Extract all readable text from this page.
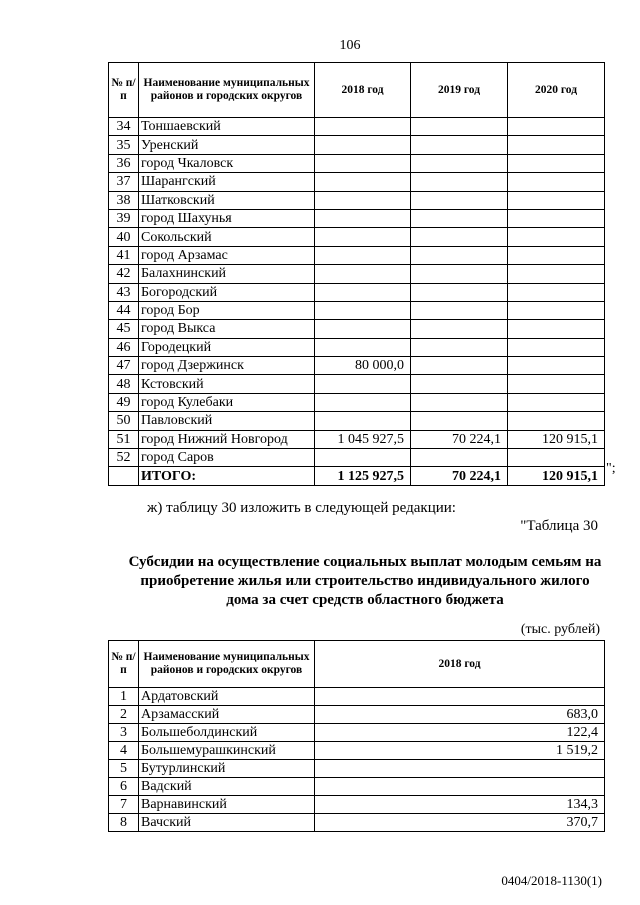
106
№ п/п	Наименование муниципальных районов и городских округов	2018 год	2019 год	2020 год
34	Тоншаевский			
35	Уренский			
36	город Чкаловск			
37	Шарангский			
38	Шатковский			
39	город Шахунья			
40	Сокольский			
41	город Арзамас			
42	Балахнинский			
43	Богородский			
44	город Бор			
45	город Выкса			
46	Городецкий			
47	город Дзержинск	80 000,0		
48	Кстовский			
49	город Кулебаки			
50	Павловский			
51	город Нижний Новгород	1 045 927,5	70 224,1	120 915,1
52	город Саров			
	ИТОГО:	1 125 927,5	70 224,1	120 915,1
";
ж) таблицу 30 изложить в следующей редакции:
"Таблица 30
Субсидии на осуществление социальных выплат молодым семьям на
приобретение жилья или строительство индивидуального жилого
дома за счет средств областного бюджета
(тыс. рублей)
№ п/п	Наименование муниципальных районов и городских округов	2018 год
1	Ардатовский	
2	Арзамасский	683,0
3	Большеболдинский	122,4
4	Большемурашкинский	1 519,2
5	Бутурлинский	
6	Вадский	
7	Варнавинский	134,3
8	Вачский	370,7
0404/2018-1130(1)
